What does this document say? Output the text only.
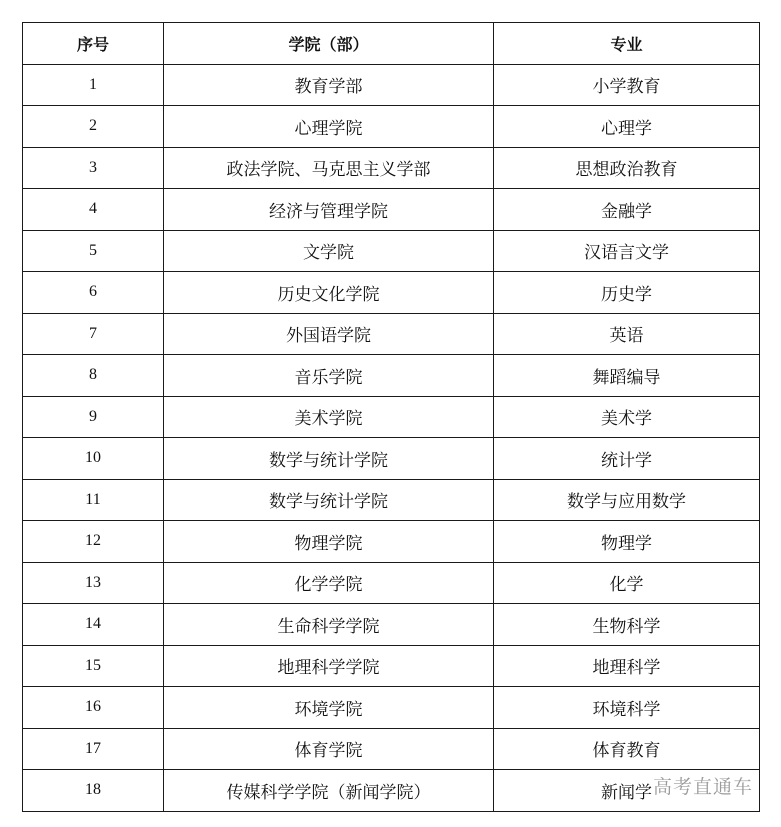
序号	学院（部）	专业
1	教育学部	小学教育
2	心理学院	心理学
3	政法学院、马克思主义学部	思想政治教育
4	经济与管理学院	金融学
5	文学院	汉语言文学
6	历史文化学院	历史学
7	外国语学院	英语
8	音乐学院	舞蹈编导
9	美术学院	美术学
10	数学与统计学院	统计学
11	数学与统计学院	数学与应用数学
12	物理学院	物理学
13	化学学院	化学
14	生命科学学院	生物科学
15	地理科学学院	地理科学
16	环境学院	环境科学
17	体育学院	体育教育
18	传媒科学学院（新闻学院）	新闻学 高考直通车
